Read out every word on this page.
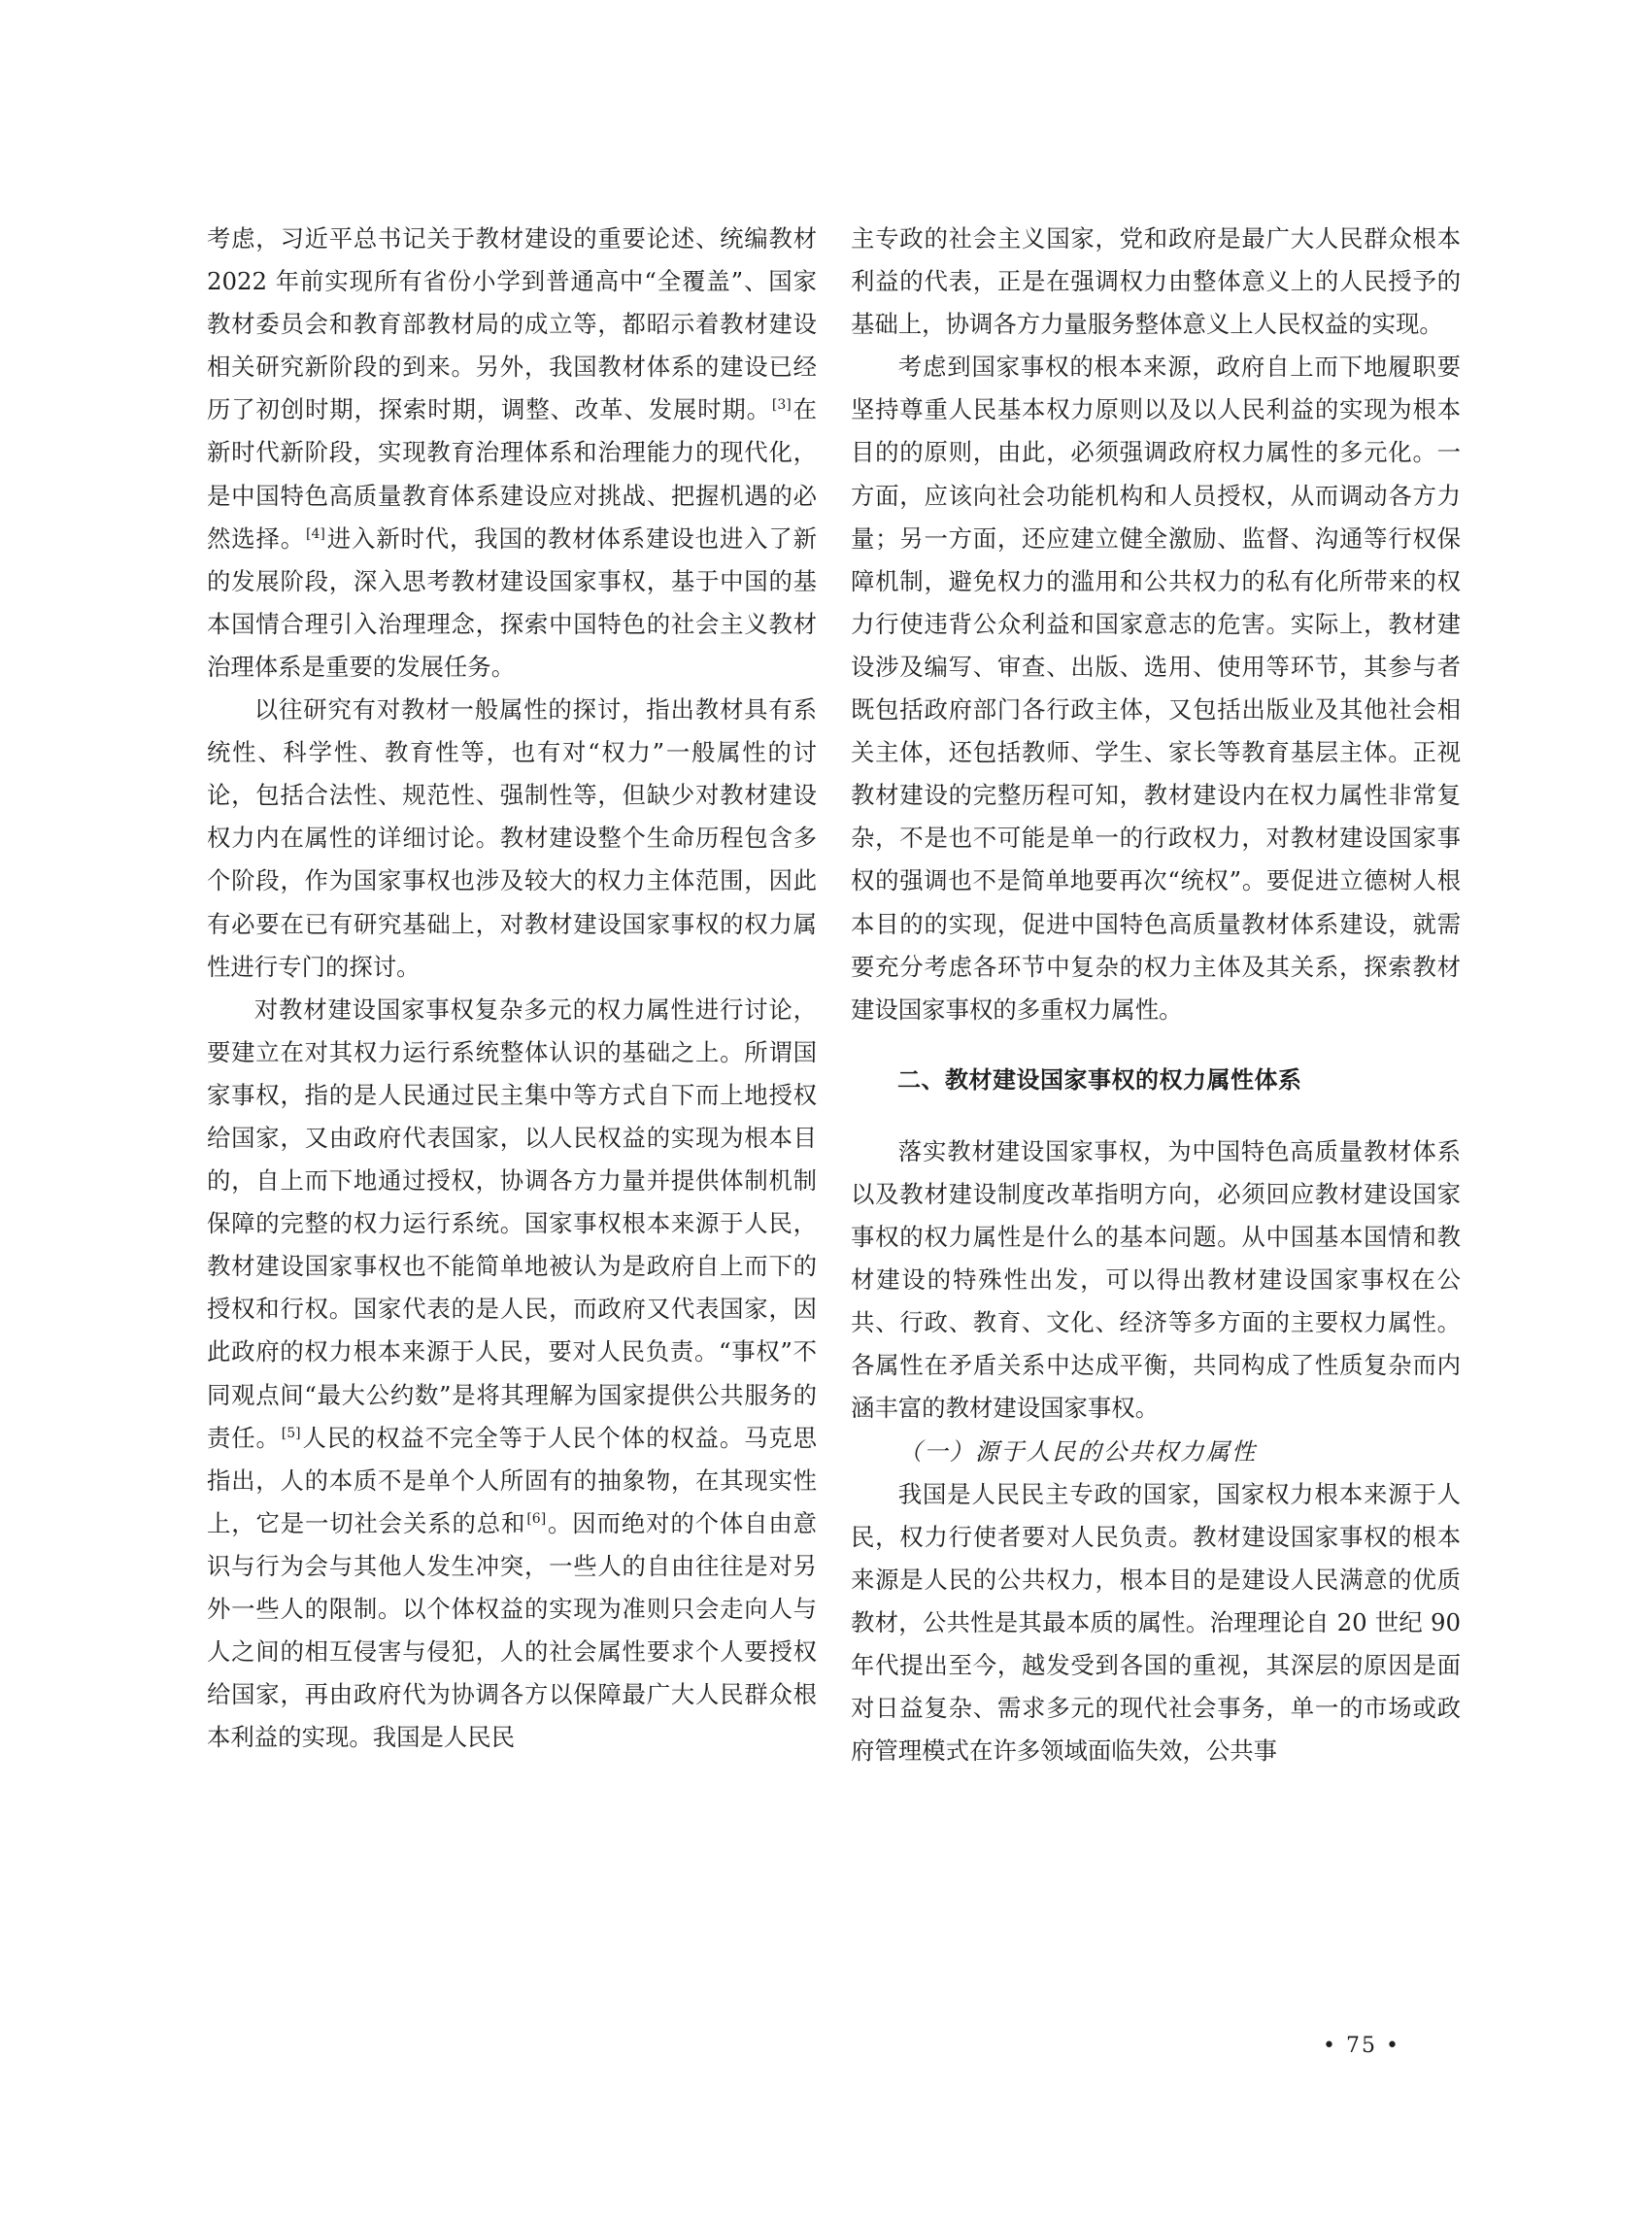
考虑，习近平总书记关于教材建设的重要论述、统编教材 2022 年前实现所有省份小学到普通高中“全覆盖”、国家教材委员会和教育部教材局的成立等，都昭示着教材建设相关研究新阶段的到来。另外，我国教材体系的建设已经历了初创时期，探索时期，调整、改革、发展时期。[3]在新时代新阶段，实现教育治理体系和治理能力的现代化，是中国特色高质量教育体系建设应对挑战、把握机遇的必然选择。[4]进入新时代，我国的教材体系建设也进入了新的发展阶段，深入思考教材建设国家事权，基于中国的基本国情合理引入治理理念，探索中国特色的社会主义教材治理体系是重要的发展任务。

以往研究有对教材一般属性的探讨，指出教材具有系统性、科学性、教育性等，也有对“权力”一般属性的讨论，包括合法性、规范性、强制性等，但缺少对教材建设权力内在属性的详细讨论。教材建设整个生命历程包含多个阶段，作为国家事权也涉及较大的权力主体范围，因此有必要在已有研究基础上，对教材建设国家事权的权力属性进行专门的探讨。

对教材建设国家事权复杂多元的权力属性进行讨论，要建立在对其权力运行系统整体认识的基础之上。所谓国家事权，指的是人民通过民主集中等方式自下而上地授权给国家，又由政府代表国家，以人民权益的实现为根本目的，自上而下地通过授权，协调各方力量并提供体制机制保障的完整的权力运行系统。国家事权根本来源于人民，教材建设国家事权也不能简单地被认为是政府自上而下的授权和行权。国家代表的是人民，而政府又代表国家，因此政府的权力根本来源于人民，要对人民负责。“事权”不同观点间“最大公约数”是将其理解为国家提供公共服务的责任。[5]人民的权益不完全等于人民个体的权益。马克思指出，人的本质不是单个人所固有的抽象物，在其现实性上，它是一切社会关系的总和[6]。因而绝对的个体自由意识与行为会与其他人发生冲突，一些人的自由往往是对另外一些人的限制。以个体权益的实现为准则只会走向人与人之间的相互侵害与侵犯，人的社会属性要求个人要授权给国家，再由政府代为协调各方以保障最广大人民群众根本利益的实现。我国是人民民

主专政的社会主义国家，党和政府是最广大人民群众根本利益的代表，正是在强调权力由整体意义上的人民授予的基础上，协调各方力量服务整体意义上人民权益的实现。

考虑到国家事权的根本来源，政府自上而下地履职要坚持尊重人民基本权力原则以及以人民利益的实现为根本目的的原则，由此，必须强调政府权力属性的多元化。一方面，应该向社会功能机构和人员授权，从而调动各方力量；另一方面，还应建立健全激励、监督、沟通等行权保障机制，避免权力的滥用和公共权力的私有化所带来的权力行使违背公众利益和国家意志的危害。实际上，教材建设涉及编写、审查、出版、选用、使用等环节，其参与者既包括政府部门各行政主体，又包括出版业及其他社会相关主体，还包括教师、学生、家长等教育基层主体。正视教材建设的完整历程可知，教材建设内在权力属性非常复杂，不是也不可能是单一的行政权力，对教材建设国家事权的强调也不是简单地要再次“统权”。要促进立德树人根本目的的实现，促进中国特色高质量教材体系建设，就需要充分考虑各环节中复杂的权力主体及其关系，探索教材建设国家事权的多重权力属性。

二、教材建设国家事权的权力属性体系

落实教材建设国家事权，为中国特色高质量教材体系以及教材建设制度改革指明方向，必须回应教材建设国家事权的权力属性是什么的基本问题。从中国基本国情和教材建设的特殊性出发，可以得出教材建设国家事权在公共、行政、教育、文化、经济等多方面的主要权力属性。各属性在矛盾关系中达成平衡，共同构成了性质复杂而内涵丰富的教材建设国家事权。

（一）源于人民的公共权力属性

我国是人民民主专政的国家，国家权力根本来源于人民，权力行使者要对人民负责。教材建设国家事权的根本来源是人民的公共权力，根本目的是建设人民满意的优质教材，公共性是其最本质的属性。治理理论自 20 世纪 90 年代提出至今，越发受到各国的重视，其深层的原因是面对日益复杂、需求多元的现代社会事务，单一的市场或政府管理模式在许多领域面临失效，公共事

• 75 •
